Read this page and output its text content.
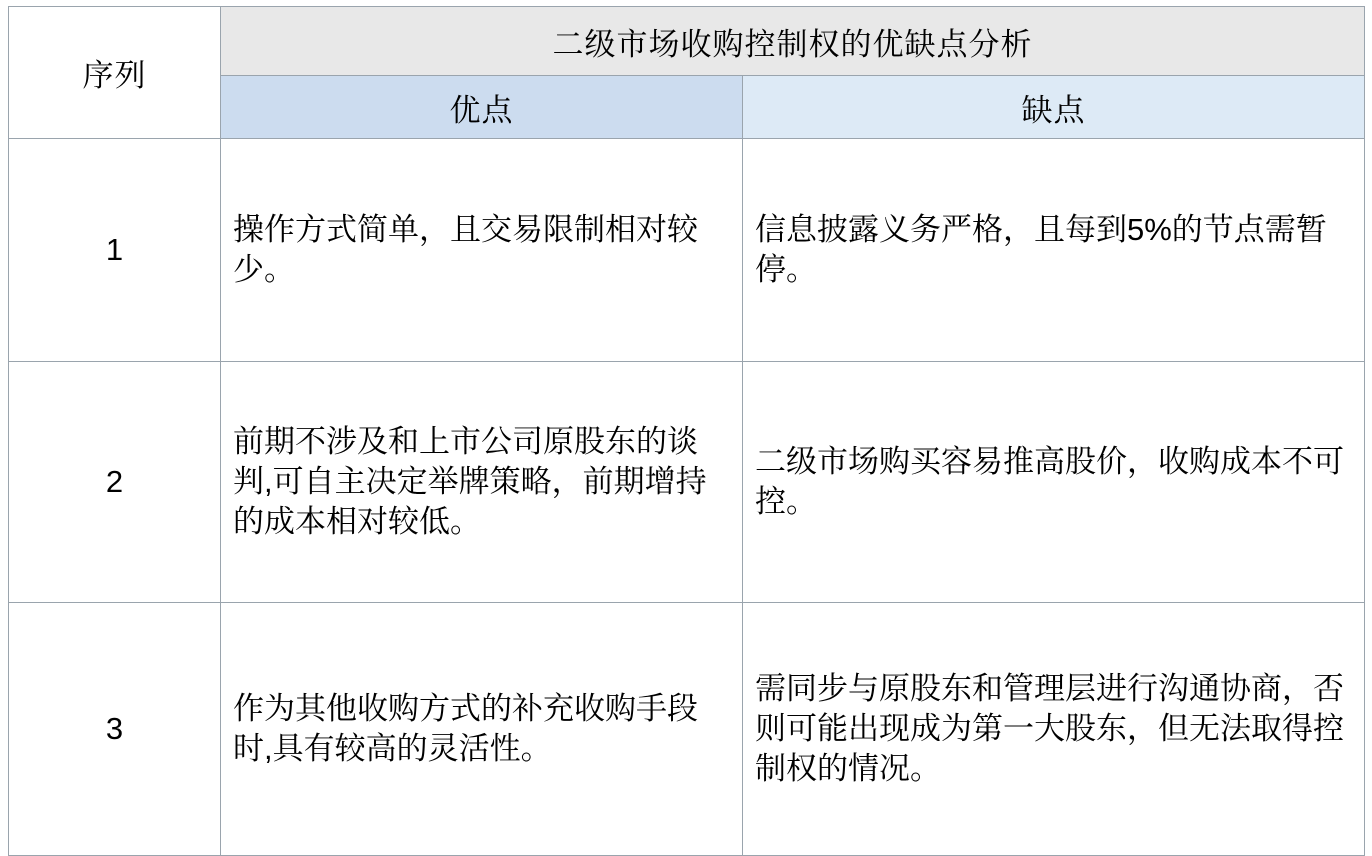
序列	二级市场收购控制权的优缺点分析	
	优点	缺点
1	操作方式简单，且交易限制相对较少。	信息披露义务严格，且每到5%的节点需暂停。
2	前期不涉及和上市公司原股东的谈判,可自主决定举牌策略，前期增持的成本相对较低。	二级市场购买容易推高股价，收购成本不可控。
3	作为其他收购方式的补充收购手段时,具有较高的灵活性。	需同步与原股东和管理层进行沟通协商，否则可能出现成为第一大股东，但无法取得控制权的情况。
